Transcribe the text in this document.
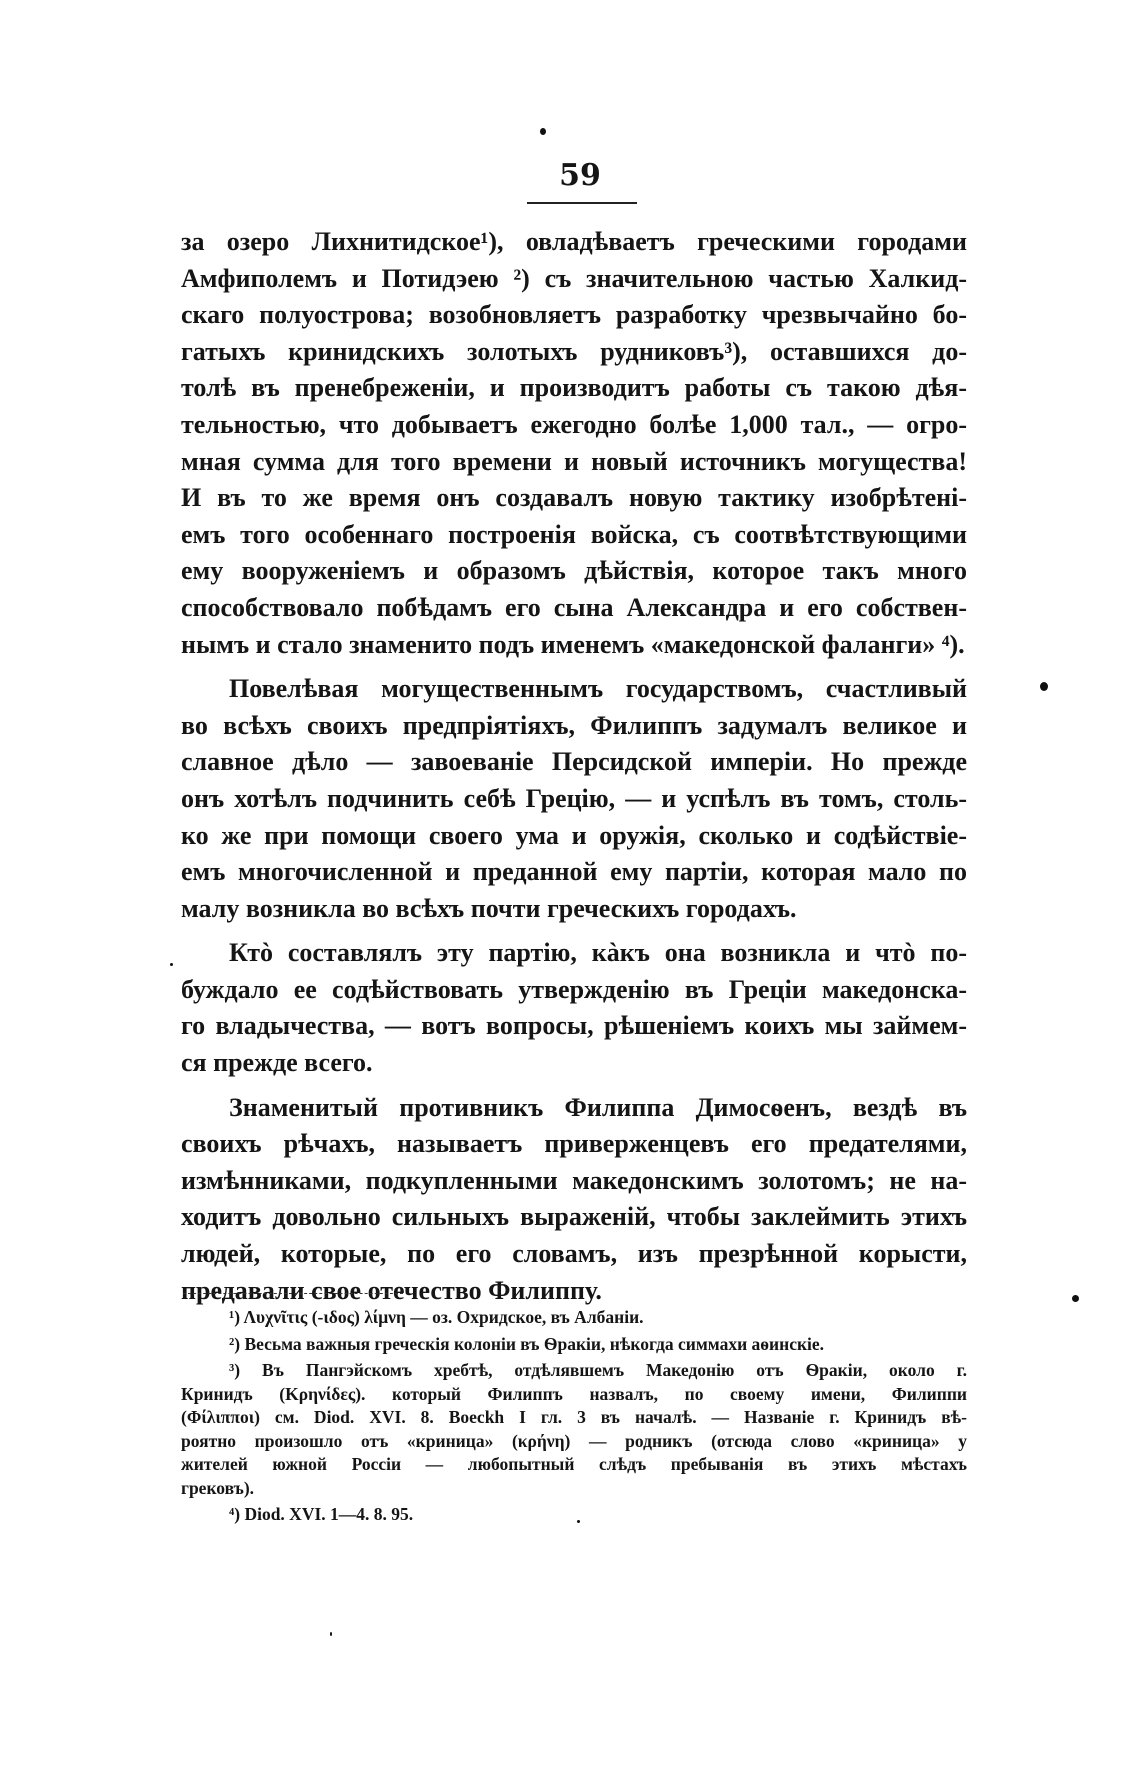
59
за озеро Лихнитидское¹), овладѣваетъ греческими городами
Амфиполемъ и Потидэею ²) съ значительною частью Халкид-
скаго полуострова; возобновляетъ разработку чрезвычайно бо-
гатыхъ кринидскихъ золотыхъ рудниковъ³), оставшихся до-
толѣ въ пренебреженіи, и производитъ работы съ такою дѣя-
тельностью, что добываетъ ежегодно болѣе 1,000 тал., — огро-
мная сумма для того времени и новый источникъ могущества!
И въ то же время онъ создавалъ новую тактику изобрѣтені-
емъ того особеннаго построенія войска, съ соотвѣтствующими
ему вооруженіемъ и образомъ дѣйствія, которое такъ много
способствовало побѣдамъ его сына Александра и его собствен-
нымъ и стало знаменито подъ именемъ «македонской фаланги» ⁴).
Повелѣвая могущественнымъ государствомъ, счастливый
во всѣхъ своихъ предпріятіяхъ, Филиппъ задумалъ великое и
славное дѣло — завоеваніе Персидской имперіи. Но прежде
онъ хотѣлъ подчинить себѣ Грецію, — и успѣлъ въ томъ, столь-
ко же при помощи своего ума и оружія, сколько и содѣйствіе-
емъ многочисленной и преданной ему партіи, которая мало по
малу возникла во всѣхъ почти греческихъ городахъ.
Ктò составлялъ эту партію, кàкъ она возникла и чтò по-
буждало ее содѣйствовать утвержденію въ Греціи македонска-
го владычества, — вотъ вопросы, рѣшеніемъ коихъ мы займем-
ся прежде всего.
Знаменитый противникъ Филиппа Димосѳенъ, вездѣ въ
своихъ рѣчахъ, называетъ приверженцевъ его предателями,
измѣнниками, подкупленными македонскимъ золотомъ; не на-
ходитъ довольно сильныхъ выраженій, чтобы заклеймить этихъ
людей, которые, по его словамъ, изъ презрѣнной корысти,
предавали свое отечество Филиппу.
¹) Λυχνῖτις (-ιδος) λίμνη — оз. Охридское, въ Албаніи.
²) Весьма важныя греческія колоніи въ Ѳракіи, нѣкогда симмахи аѳинскіе.
³) Въ Пангэйскомъ хребтѣ, отдѣлявшемъ Македонію отъ Ѳракіи, около г.
Кринидъ (Κρηνίδες). который Филиппъ назвалъ, по своему имени, Филиппи
(Φίλιπποι) см. Diod. XVI. 8. Boeckh I гл. 3 въ началѣ. — Названіе г. Кринидъ вѣ-
роятно произошло отъ «криница» (κρήνη) — родникъ (отсюда слово «криница» у
жителей южной Россіи — любопытный слѣдъ пребыванія въ этихъ мѣстахъ
грековъ).
⁴) Diod. XVI. 1—4. 8. 95.
